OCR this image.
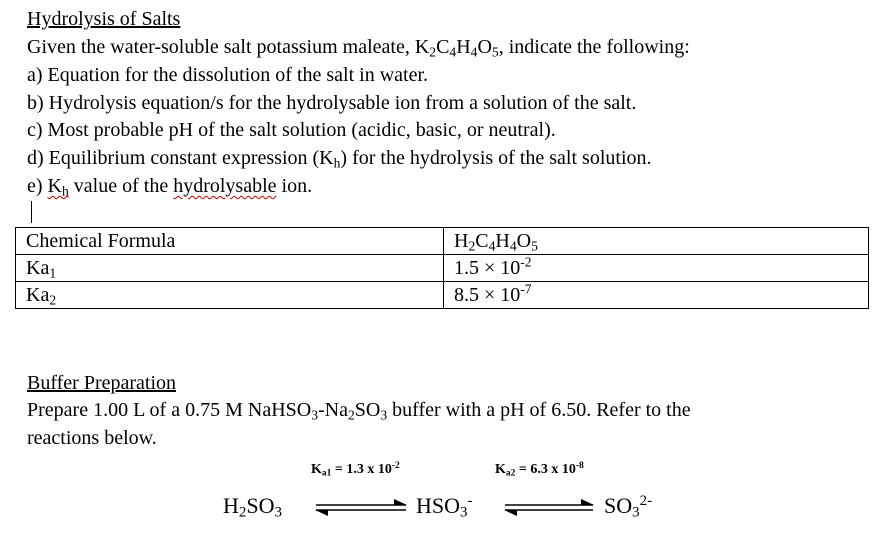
Hydrolysis of Salts
Given the water-soluble salt potassium maleate, $K_2C_4H_4O_5$, indicate the following:
a) Equation for the dissolution of the salt in water.
b) Hydrolysis equation/s for the hydrolysable ion from a solution of the salt.
c) Most probable pH of the salt solution (acidic, basic, or neutral).
d) Equilibrium constant expression $(K_h)$ for the hydrolysis of the salt solution.
e) $K_h$ value of the hydrolysable ion.
Chemical Formula	$H_2C_4H_4O_5$
$Ka_1$	$1.5 \times 10^{-2}$
$Ka_2$	$8.5 \times 10^{-7}$
Buffer Preparation
Prepare 1.00 L of a 0.75 M $NaHSO_3-Na_2SO_3$ buffer with a pH of 6.50. Refer to the
reactions below.
$K_{a1} = 1.3$ x $10^{-2}$	$K_{a2} = 6.3$ x $10^{-8}$
$H_2SO_3$	$HSO_3^-$	$SO_3^{2-}$
